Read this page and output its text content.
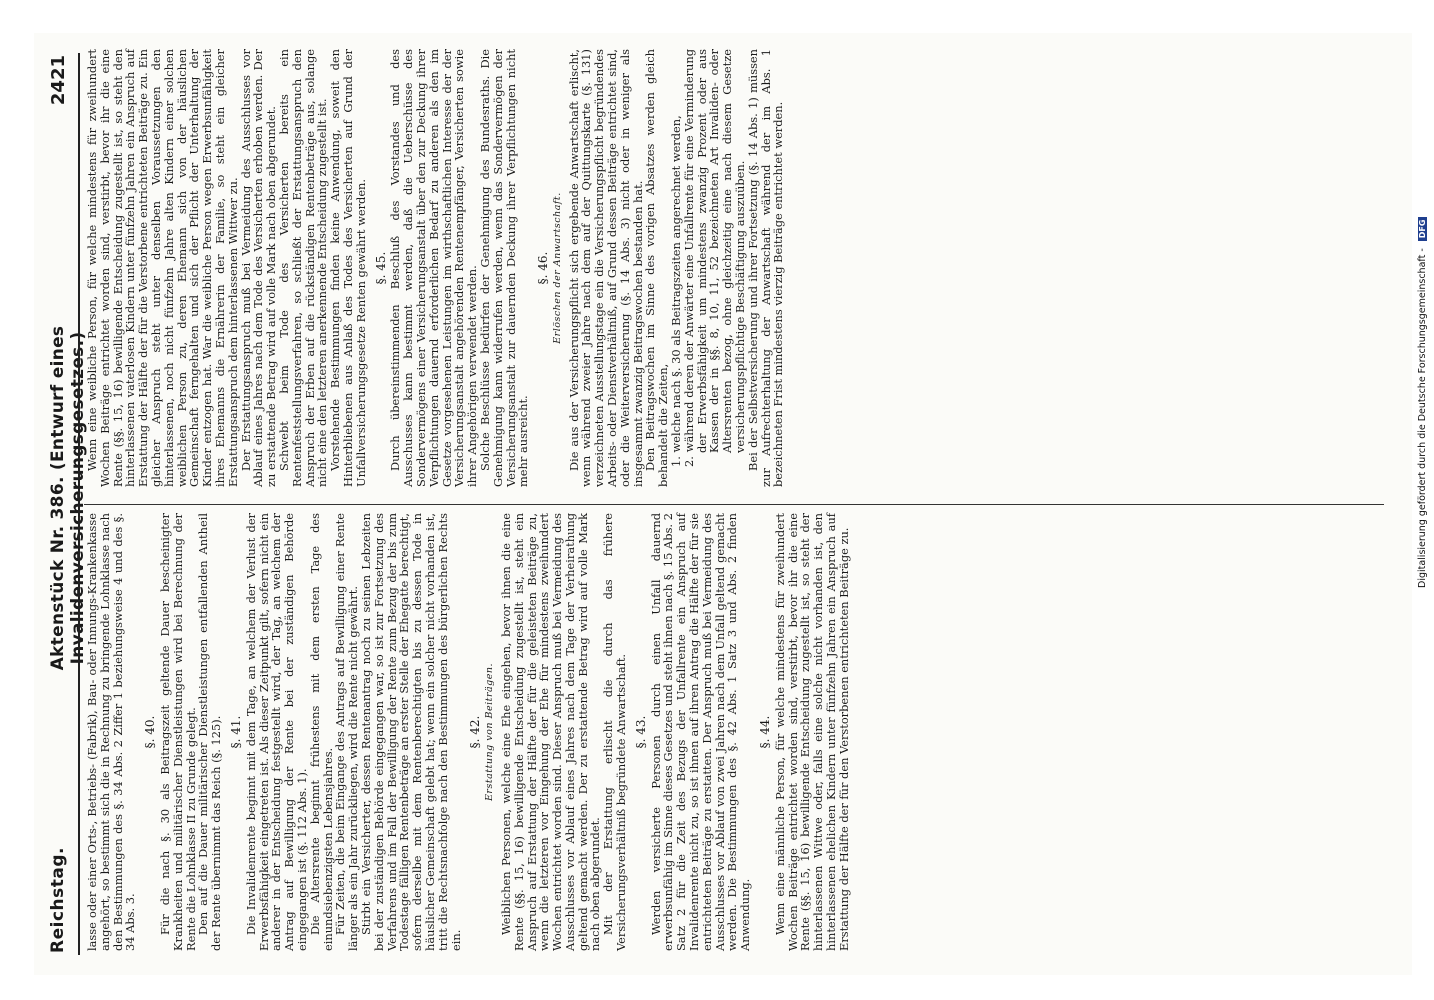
Reichstag.
Aktenstück Nr. 386. (Entwurf eines Invalidenversicherungsgesetzes.)
2421

lasse oder einer Orts-, Betriebs- (Fabrik), Bau- oder Innungs-Krankenkasse angehört, so bestimmt sich die in Rechnung zu bringende Lohnklasse nach den Bestimmungen des §. 34 Abs. 2 Ziffer 1 beziehungsweise 4 und des §. 34 Abs. 3.

§. 40. Für die nach §. 30 als Beitragszeit geltende Dauer bescheinigter Krankheiten und militärischer Dienstleistungen wird bei Berechnung der Rente die Lohnklasse II zu Grunde gelegt.

Den auf die Dauer militärischer Dienstleistungen entfallenden Antheil der Rente übernimmt das Reich (§. 125). §. 41. Die Invalidenrente beginnt mit dem Tage, an welchem der Verlust der Erwerbsfähigkeit eingetreten ist. Als dieser Zeitpunkt gilt, sofern nicht ein anderer in der Entscheidung festgestellt wird, der Tag, an welchem der Antrag auf Bewilligung der Rente bei der zuständigen Behörde eingegangen ist (§. 112 Abs. 1).

Die Altersrente beginnt frühestens mit dem ersten Tage des einundsiebenzigsten Lebensjahres.

Für Zeiten, die beim Eingange des Antrags auf Bewilligung einer Rente länger als ein Jahr zurückliegen, wird die Rente nicht gewährt.

Stirbt ein Versicherter, dessen Rentenantrag noch zu seinen Lebzeiten bei der zuständigen Behörde eingegangen war, so ist zur Fortsetzung des Verfahrens und im Fall der Bewilligung der Rente zum Bezug der bis zum Todestage fälligen Rentenbeträge an erster Stelle der Ehegatte berechtigt, sofern derselbe mit dem Rentenberechtigten bis zu dessen Tode in häuslicher Gemeinschaft gelebt hat; wenn ein solcher nicht vorhanden ist, tritt die Rechtsnachfolge nach den Bestimmungen des bürgerlichen Rechts ein.

§. 42. Erstattung von Beiträgen. Weiblichen Personen, welche eine Ehe eingehen, bevor ihnen die eine Rente (§§. 15, 16) bewilligende Entscheidung zugestellt ist, steht ein Anspruch auf Erstattung der Hälfte der für die geleisteten Beiträge zu, wenn die letzteren vor Eingehung der Ehe für mindestens zweihundert Wochen entrichtet worden sind. Dieser Anspruch muß bei Vermeidung des Ausschlusses vor Ablauf eines Jahres nach dem Tage der Verheirathung geltend gemacht werden. Der zu erstattende Betrag wird auf volle Mark nach oben abgerundet.

Mit der Erstattung erlischt die durch das frühere Versicherungsverhältniß begründete Anwartschaft. §. 43. Werden versicherte Personen durch einen Unfall dauernd erwerbsunfähig im Sinne dieses Gesetzes und steht ihnen nach §. 15 Abs. 2 Satz 2 für die Zeit des Bezugs der Unfallrente ein Anspruch auf Invalidenrente nicht zu, so ist ihnen auf ihren Antrag die Hälfte der für sie entrichteten Beiträge zu erstatten. Der Anspruch muß bei Vermeidung des Ausschlusses vor Ablauf von zwei Jahren nach dem Unfall geltend gemacht werden. Die Bestimmungen des §. 42 Abs. 1 Satz 3 und Abs. 2 finden Anwendung.

§. 44. Wenn eine männliche Person, für welche mindestens für zweihundert Wochen Beiträge entrichtet worden sind, verstirbt, bevor ihr die eine Rente (§§. 15, 16) bewilligende Entscheidung zugestellt ist, so steht der hinterlassenen Wittwe oder, falls eine solche nicht vorhanden ist, den hinterlassenen ehelichen Kindern unter fünfzehn Jahren ein Anspruch auf Erstattung der Hälfte der für den Verstorbenen entrichteten Beiträge zu.

Wenn eine weibliche Person, für welche mindestens für zweihundert Wochen Beiträge entrichtet worden sind, verstirbt, bevor ihr die eine Rente (§§. 15, 16) bewilligende Entscheidung zugestellt ist, so steht den hinterlassenen vaterlosen Kindern unter fünfzehn Jahren ein Anspruch auf Erstattung der Hälfte der für die Verstorbene entrichteten Beiträge zu. Ein gleicher Anspruch steht unter denselben Voraussetzungen den hinterlassenen, noch nicht fünfzehn Jahre alten Kindern einer solchen weiblichen Person zu, deren Ehemann sich von der häuslichen Gemeinschaft ferngehalten und sich der Pflicht der Unterhaltung der Kinder entzogen hat. War die weibliche Person wegen Erwerbsunfähigkeit ihres Ehemanns die Ernährerin der Familie, so steht ein gleicher Erstattungsanspruch dem hinterlassenen Wittwer zu.

Der Erstattungsanspruch muß bei Vermeidung des Ausschlusses vor Ablauf eines Jahres nach dem Tode des Versicherten erhoben werden. Der zu erstattende Betrag wird auf volle Mark nach oben abgerundet.

Schwebt beim Tode des Versicherten bereits ein Rentenfeststellungsverfahren, so schließt der Erstattungsanspruch den Anspruch der Erben auf die rückständigen Rentenbeträge aus, solange nicht eine den letzteren anerkennende Entscheidung zugestellt ist.

Vorstehende Bestimmungen finden keine Anwendung, soweit den Hinterbliebenen aus Anlaß des Todes des Versicherten auf Grund der Unfallversicherungsgesetze Renten gewährt werden. §. 45. Durch übereinstimmenden Beschluß des Vorstandes und des Ausschusses kann bestimmt werden, daß die Ueberschüsse des Sondervermögens einer Versicherungsanstalt über den zur Deckung ihrer Verpflichtungen dauernd erforderlichen Bedarf zu anderen als den im Gesetze vorgesehenen Leistungen im wirthschaftlichen Interesse der der Versicherungsanstalt angehörenden Rentenempfänger, Versicherten sowie ihrer Angehörigen verwendet werden.

Solche Beschlüsse bedürfen der Genehmigung des Bundesraths. Die Genehmigung kann widerrufen werden, wenn das Sondervermögen der Versicherungsanstalt zur dauernden Deckung ihrer Verpflichtungen nicht mehr ausreicht.

§. 46. Erlöschen der Anwartschaft. Die aus der Versicherungspflicht sich ergebende Anwartschaft erlischt, wenn während zweier Jahre nach dem auf der Quittungskarte (§. 131) verzeichneten Ausstellungstage ein die Versicherungspflicht begründendes Arbeits- oder Dienstverhältniß, auf Grund dessen Beiträge entrichtet sind, oder die Weiterversicherung (§. 14 Abs. 3) nicht oder in weniger als insgesammt zwanzig Beitragswochen bestanden hat.

Den Beitragswochen im Sinne des vorigen Absatzes werden gleich behandelt die Zeiten,

1. welche nach §. 30 als Beitragszeiten angerechnet werden,

2. während deren der Anwärter eine Unfallrente für eine Verminderung der Erwerbsfähigkeit um mindestens zwanzig Prozent oder aus Kassen der in §§. 8, 10, 11, 52 bezeichneten Art Invaliden- oder Altersrenten bezog, ohne gleichzeitig eine nach diesem Gesetze versicherungspflichtige Beschäftigung auszuüben.

Bei der Selbstversicherung und ihrer Fortsetzung (§. 14 Abs. 1) müssen zur Aufrechterhaltung der Anwartschaft während der im Abs. 1 bezeichneten Frist mindestens vierzig Beiträge entrichtet werden.	Digitalisierung gefördert durch die Deutsche Forschungsgemeinschaft - DFG
